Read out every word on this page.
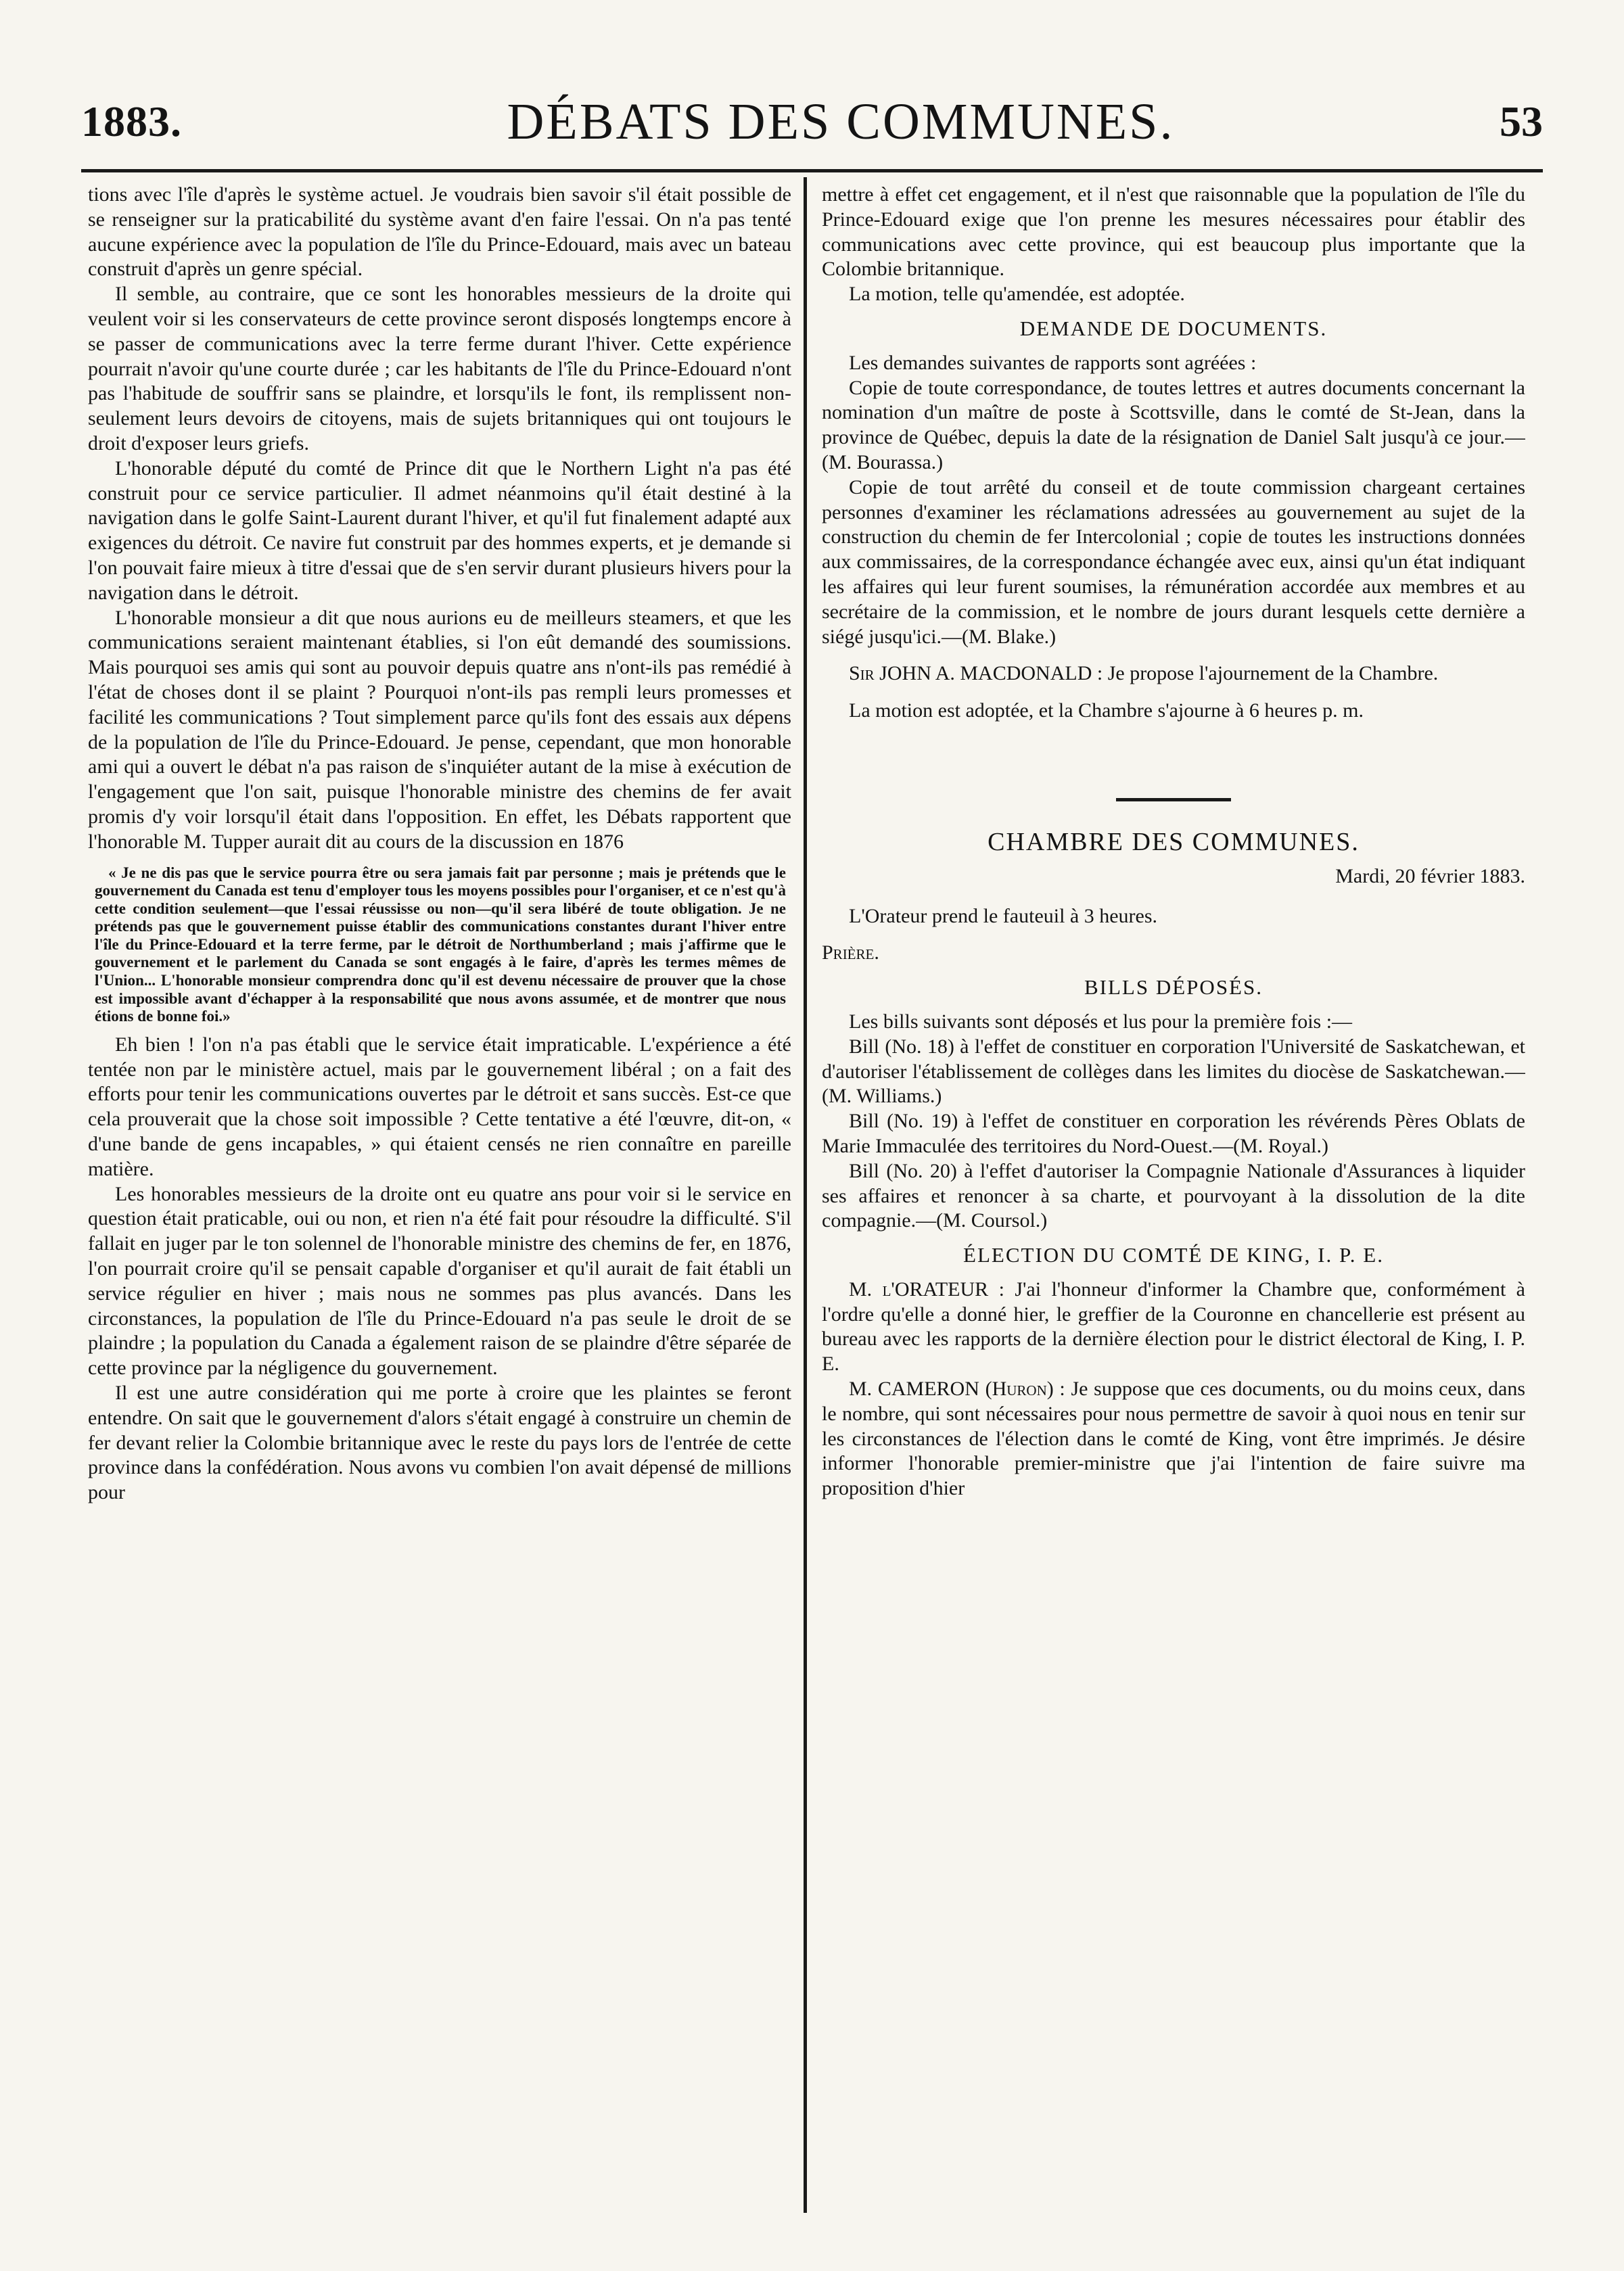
1883.	DÉBATS DES COMMUNES.	53

tions avec l'île d'après le système actuel. Je voudrais bien savoir s'il était possible de se renseigner sur la praticabilité du système avant d'en faire l'essai. On n'a pas tenté aucune expérience avec la population de l'île du Prince-Edouard, mais avec un bateau construit d'après un genre spécial.

Il semble, au contraire, que ce sont les honorables messieurs de la droite qui veulent voir si les conservateurs de cette province seront disposés longtemps encore à se passer de communications avec la terre ferme durant l'hiver. Cette expérience pourrait n'avoir qu'une courte durée ; car les habitants de l'île du Prince-Edouard n'ont pas l'habitude de souffrir sans se plaindre, et lorsqu'ils le font, ils remplissent non-seulement leurs devoirs de citoyens, mais de sujets britanniques qui ont toujours le droit d'exposer leurs griefs.

L'honorable député du comté de Prince dit que le Northern Light n'a pas été construit pour ce service particulier. Il admet néanmoins qu'il était destiné à la navigation dans le golfe Saint-Laurent durant l'hiver, et qu'il fut finalement adapté aux exigences du détroit. Ce navire fut construit par des hommes experts, et je demande si l'on pouvait faire mieux à titre d'essai que de s'en servir durant plusieurs hivers pour la navigation dans le détroit.

L'honorable monsieur a dit que nous aurions eu de meilleurs steamers, et que les communications seraient maintenant établies, si l'on eût demandé des soumissions. Mais pourquoi ses amis qui sont au pouvoir depuis quatre ans n'ont-ils pas remédié à l'état de choses dont il se plaint ? Pourquoi n'ont-ils pas rempli leurs promesses et facilité les communications ? Tout simplement parce qu'ils font des essais aux dépens de la population de l'île du Prince-Edouard. Je pense, cependant, que mon honorable ami qui a ouvert le débat n'a pas raison de s'inquiéter autant de la mise à exécution de l'engagement que l'on sait, puisque l'honorable ministre des chemins de fer avait promis d'y voir lorsqu'il était dans l'opposition. En effet, les Débats rapportent que l'honorable M. Tupper aurait dit au cours de la discussion en 1876

« Je ne dis pas que le service pourra être ou sera jamais fait par personne ; mais je prétends que le gouvernement du Canada est tenu d'employer tous les moyens possibles pour l'organiser, et ce n'est qu'à cette condition seulement—que l'essai réussisse ou non—qu'il sera libéré de toute obligation. Je ne prétends pas que le gouvernement puisse établir des communications constantes durant l'hiver entre l'île du Prince-Edouard et la terre ferme, par le détroit de Northumberland ; mais j'affirme que le gouvernement et le parlement du Canada se sont engagés à le faire, d'après les termes mêmes de l'Union... L'honorable monsieur comprendra donc qu'il est devenu nécessaire de prouver que la chose est impossible avant d'échapper à la responsabilité que nous avons assumée, et de montrer que nous étions de bonne foi.»

Eh bien ! l'on n'a pas établi que le service était impraticable. L'expérience a été tentée non par le ministère actuel, mais par le gouvernement libéral ; on a fait des efforts pour tenir les communications ouvertes par le détroit et sans succès. Est-ce que cela prouverait que la chose soit impossible ? Cette tentative a été l'œuvre, dit-on, « d'une bande de gens incapables, » qui étaient censés ne rien connaître en pareille matière.

Les honorables messieurs de la droite ont eu quatre ans pour voir si le service en question était praticable, oui ou non, et rien n'a été fait pour résoudre la difficulté. S'il fallait en juger par le ton solennel de l'honorable ministre des chemins de fer, en 1876, l'on pourrait croire qu'il se pensait capable d'organiser et qu'il aurait de fait établi un service régulier en hiver ; mais nous ne sommes pas plus avancés. Dans les circonstances, la population de l'île du Prince-Edouard n'a pas seule le droit de se plaindre ; la population du Canada a également raison de se plaindre d'être séparée de cette province par la négligence du gouvernement.

Il est une autre considération qui me porte à croire que les plaintes se feront entendre. On sait que le gouvernement d'alors s'était engagé à construire un chemin de fer devant relier la Colombie britannique avec le reste du pays lors de l'entrée de cette province dans la confédération. Nous avons vu combien l'on avait dépensé de millions pour

mettre à effet cet engagement, et il n'est que raisonnable que la population de l'île du Prince-Edouard exige que l'on prenne les mesures nécessaires pour établir des communications avec cette province, qui est beaucoup plus importante que la Colombie britannique.

La motion, telle qu'amendée, est adoptée.

DEMANDE DE DOCUMENTS.

Les demandes suivantes de rapports sont agréées :

Copie de toute correspondance, de toutes lettres et autres documents concernant la nomination d'un maître de poste à Scottsville, dans le comté de St-Jean, dans la province de Québec, depuis la date de la résignation de Daniel Salt jusqu'à ce jour.—(M. Bourassa.)

Copie de tout arrêté du conseil et de toute commission chargeant certaines personnes d'examiner les réclamations adressées au gouvernement au sujet de la construction du chemin de fer Intercolonial ; copie de toutes les instructions données aux commissaires, de la correspondance échangée avec eux, ainsi qu'un état indiquant les affaires qui leur furent soumises, la rémunération accordée aux membres et au secrétaire de la commission, et le nombre de jours durant lesquels cette dernière a siégé jusqu'ici.—(M. Blake.)

Sir JOHN A. MACDONALD : Je propose l'ajournement de la Chambre.

La motion est adoptée, et la Chambre s'ajourne à 6 heures p. m.

CHAMBRE DES COMMUNES.

Mardi, 20 février 1883.

L'Orateur prend le fauteuil à 3 heures.

Prière.

BILLS DÉPOSÉS.

Les bills suivants sont déposés et lus pour la première fois :—

Bill (No. 18) à l'effet de constituer en corporation l'Université de Saskatchewan, et d'autoriser l'établissement de collèges dans les limites du diocèse de Saskatchewan.—(M. Williams.)

Bill (No. 19) à l'effet de constituer en corporation les révérends Pères Oblats de Marie Immaculée des territoires du Nord-Ouest.—(M. Royal.)

Bill (No. 20) à l'effet d'autoriser la Compagnie Nationale d'Assurances à liquider ses affaires et renoncer à sa charte, et pourvoyant à la dissolution de la dite compagnie.—(M. Coursol.)

ÉLECTION DU COMTÉ DE KING, I. P. E.

M. l'ORATEUR : J'ai l'honneur d'informer la Chambre que, conformément à l'ordre qu'elle a donné hier, le greffier de la Couronne en chancellerie est présent au bureau avec les rapports de la dernière élection pour le district électoral de King, I. P. E.

M. CAMERON (Huron) : Je suppose que ces documents, ou du moins ceux, dans le nombre, qui sont nécessaires pour nous permettre de savoir à quoi nous en tenir sur les circonstances de l'élection dans le comté de King, vont être imprimés. Je désire informer l'honorable premier-ministre que j'ai l'intention de faire suivre ma proposition d'hier
